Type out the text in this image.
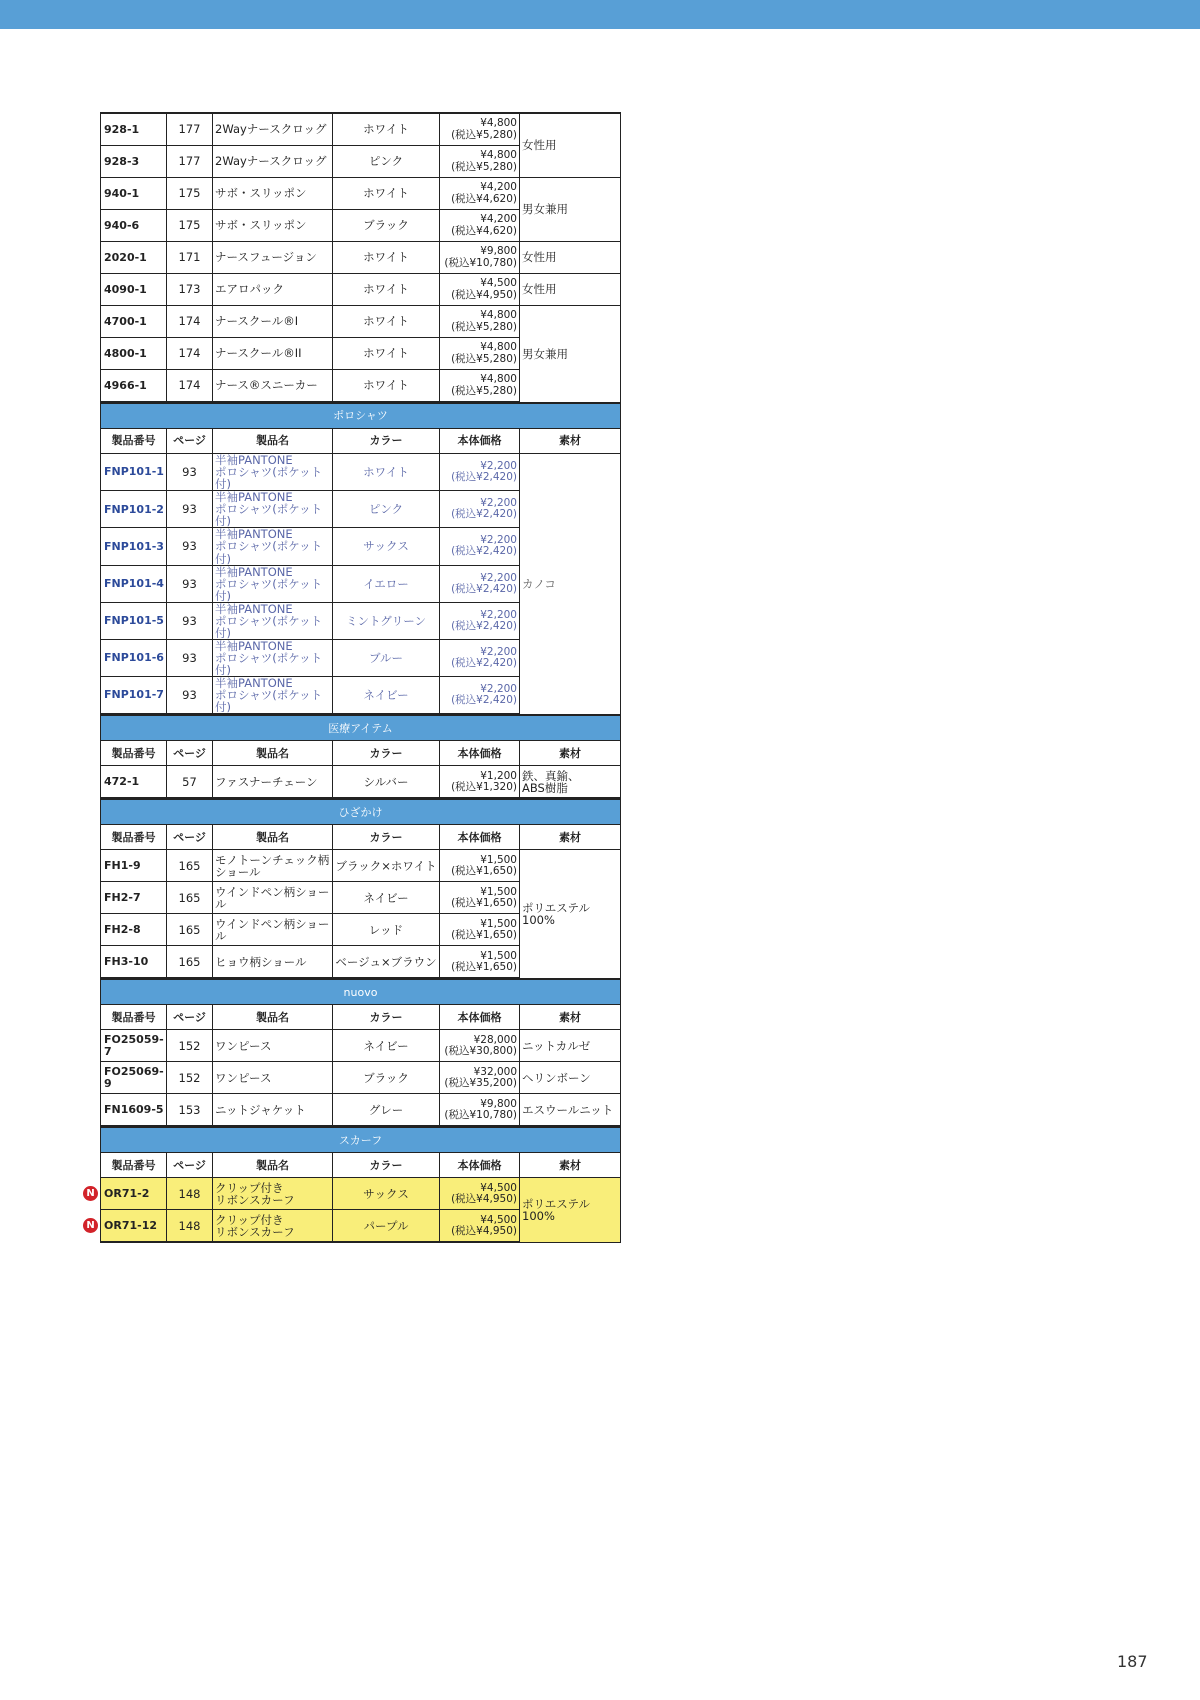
928-1	177	2Wayナースクロッグ	ホワイト	¥4,800
(税込¥5,280)	女性用
928-3	177	2Wayナースクロッグ	ピンク	¥4,800
(税込¥5,280)	

940-1	175	サボ・スリッポン	ホワイト	¥4,200
(税込¥4,620)	男女兼用
940-6	175	サボ・スリッポン	ブラック	¥4,200
(税込¥4,620)	

2020-1	171	ナースフュージョン	ホワイト	¥9,800
(税込¥10,780)	女性用
4090-1	173	エアロパック	ホワイト	¥4,500
(税込¥4,950)	女性用
4700-1	174	ナースクール®I	ホワイト	¥4,800
(税込¥5,280)	男女兼用
4800-1	174	ナースクール®II	ホワイト	¥4,800
(税込¥5,280)	

4966-1	174	ナース®スニーカー	ホワイト	¥4,800
(税込¥5,280)	
ポロシャツ					
製品番号	ページ	製品名	カラー	本体価格	素材
FNP101-1	93	半袖PANTONE
ポロシャツ(ポケット付)	ホワイト	¥2,200
(税込¥2,420)	カノコ
FNP101-2	93	半袖PANTONE
ポロシャツ(ポケット付)	ピンク	¥2,200
(税込¥2,420)	

FNP101-3	93	半袖PANTONE
ポロシャツ(ポケット付)	サックス	¥2,200
(税込¥2,420)	

FNP101-4	93	半袖PANTONE
ポロシャツ(ポケット付)	イエロー	¥2,200
(税込¥2,420)	

FNP101-5	93	半袖PANTONE
ポロシャツ(ポケット付)	ミントグリーン	¥2,200
(税込¥2,420)	

FNP101-6	93	半袖PANTONE
ポロシャツ(ポケット付)	ブルー	¥2,200
(税込¥2,420)	

FNP101-7	93	半袖PANTONE
ポロシャツ(ポケット付)	ネイビー	¥2,200
(税込¥2,420)	
医療アイテム					
製品番号	ページ	製品名	カラー	本体価格	素材
472-1	57	ファスナーチェーン	シルバー	¥1,200
(税込¥1,320)	鉄、真鍮、
ABS樹脂
ひざかけ					
製品番号	ページ	製品名	カラー	本体価格	素材
FH1-9	165	モノトーンチェック柄
ショール	ブラック×ホワイト	¥1,500
(税込¥1,650)	ポリエステル
100%
FH2-7	165	ウインドペン柄ショール	ネイビー	¥1,500
(税込¥1,650)	

FH2-8	165	ウインドペン柄ショール	レッド	¥1,500
(税込¥1,650)	

FH3-10	165	ヒョウ柄ショール	ベージュ×ブラウン	¥1,500
(税込¥1,650)	
nuovo					
製品番号	ページ	製品名	カラー	本体価格	素材
FO25059-7	152	ワンピース	ネイビー	¥28,000
(税込¥30,800)	ニットカルゼ
FO25069-9	152	ワンピース	ブラック	¥32,000
(税込¥35,200)	ヘリンボーン
FN1609-5	153	ニットジャケット	グレー	¥9,800
(税込¥10,780)	エスウールニット
スカーフ					
製品番号	ページ	製品名	カラー	本体価格	素材

N OR71-2	148	クリップ付き
リボンスカーフ	サックス	¥4,500
(税込¥4,950)	ポリエステル
100%

N OR71-12	148	クリップ付き
リボンスカーフ	パープル	¥4,500
(税込¥4,950)	
187
